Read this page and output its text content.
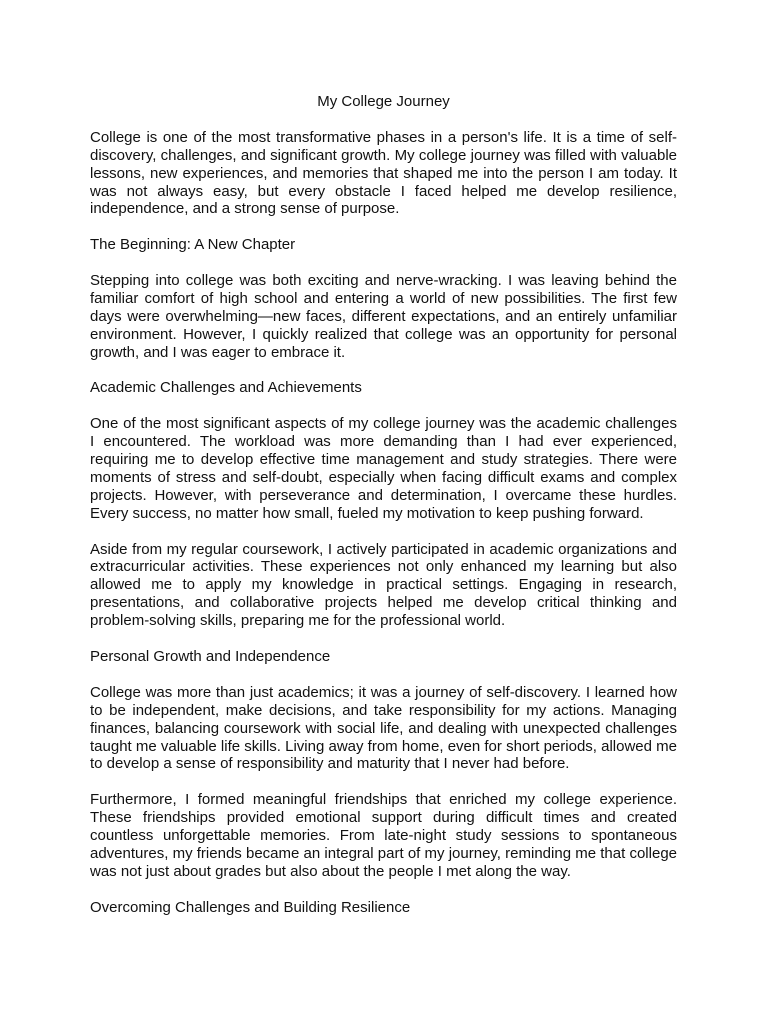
My College Journey

College is one of the most transformative phases in a person's life. It is a time of self-discovery, challenges, and significant growth. My college journey was filled with valuable lessons, new experiences, and memories that shaped me into the person I am today. It was not always easy, but every obstacle I faced helped me develop resilience, independence, and a strong sense of purpose.

The Beginning: A New Chapter

Stepping into college was both exciting and nerve-wracking. I was leaving behind the familiar comfort of high school and entering a world of new possibilities. The first few days were overwhelming—new faces, different expectations, and an entirely unfamiliar environment. However, I quickly realized that college was an opportunity for personal growth, and I was eager to embrace it.

Academic Challenges and Achievements

One of the most significant aspects of my college journey was the academic challenges I encountered. The workload was more demanding than I had ever experienced, requiring me to develop effective time management and study strategies. There were moments of stress and self-doubt, especially when facing difficult exams and complex projects. However, with perseverance and determination, I overcame these hurdles. Every success, no matter how small, fueled my motivation to keep pushing forward.

Aside from my regular coursework, I actively participated in academic organizations and extracurricular activities. These experiences not only enhanced my learning but also allowed me to apply my knowledge in practical settings. Engaging in research, presentations, and collaborative projects helped me develop critical thinking and problem-solving skills, preparing me for the professional world.

Personal Growth and Independence

College was more than just academics; it was a journey of self-discovery. I learned how to be independent, make decisions, and take responsibility for my actions. Managing finances, balancing coursework with social life, and dealing with unexpected challenges taught me valuable life skills. Living away from home, even for short periods, allowed me to develop a sense of responsibility and maturity that I never had before.

Furthermore, I formed meaningful friendships that enriched my college experience. These friendships provided emotional support during difficult times and created countless unforgettable memories. From late-night study sessions to spontaneous adventures, my friends became an integral part of my journey, reminding me that college was not just about grades but also about the people I met along the way.

Overcoming Challenges and Building Resilience
